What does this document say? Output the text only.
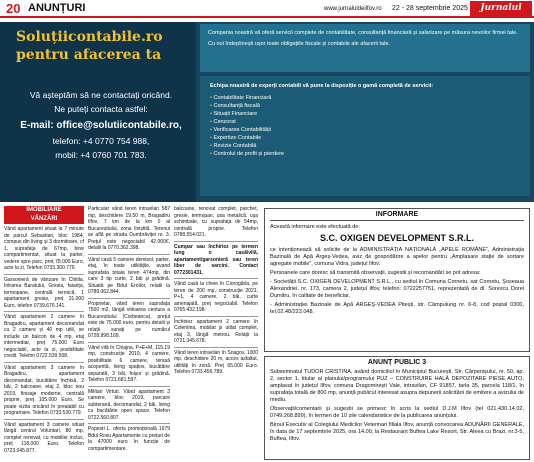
20 ANUNȚURI	www.jurnaluldeilfov.ro 22 - 28 septembrie 2025	Jurnalul
Soluțiicontabile.ro pentru afacerea ta
Vă așteptăm să ne contactați oricând.
Ne puteți contacta astfel:
E-mail: office@solutiicontabile.ro,
telefon: +4 0770 754 988,
mobil: +4 0760 701 783.

Compania noastră vă oferă servicii complete de contabilitate, consultanță financiară și salarizare pe măsura nevoilor firmei tale.

Cu noi îndeplinești ușor toate obligațiile fiscale și contabile ale afacerii tale.

Echipa noastră de experți contabili vă pune la dispoziție o gamă completă de servicii:
• Contabilitate Financiară
• Consultanță fiscală
• Situații Financiare
• Cenzorat
• Verificarea Contabilității
• Expertize Contabile
• Revizie Contabilă
• Controlul de profit și pierdere
IMOBILIARE
VÂNZĂRI

Vând apartament situat la 7 minute de parcul Sebastian, bloc 1984, compus din living și 3 dormitoare, cf 1, suprafața de 67mp, bine compartimentat, situat la parter, vedere spre parc, preț 78.000 Euro, acte la zi. Telefon 0733.300.779.

Garsonieră de vânzare în Chitila, Intrarea Baratului, Gresia, faianța, termopane, centrală termică, 1 apartament gresie, preț 31.000 Euro, telefon 0739.676.141.

Vând apartament 2 camere în Bragadiru, apartament decomandat cu 2 camere și 40 mp utili, se include un balcon de 4 mp, etaj intermediar, preț 75.000 Euro negociabil, acte la zi, posibilitate credit. Telefon 0722.539.508.

Vând apartament 3 camere în Bragadiru, apartament decomandat, bucătărie închisă, 2 băi, 2 balcoane, etaj 2, bloc nou 2019, finisaje moderne, centrală proprie, preț 105.000 Euro. Se poate vizita oricând în prealabil cu programare. Telefon 0733.530.779.

Vând apartament 3 camere situat lângă centrul Voluntari, 80 mp, complet renovat, cu mobilier inclus, preț 118.000 Euro. Telefon 0723.045.877.

Particular vând teren intravilan 587 mp, deschidere 19,50 m, Bragadiru Ilfov, 7 km de la km 0 al Bucureștiului, zona liniștită. Terenul se află pe strada Dumbrăviței nr. 3. Prețul este negociabil 42.000€, detalii la 0770.362.398.

Vând casă 5 camere demisol, parter, etaj, în toate utilitățile, avand suprafata totala teren 474mp, din care 3 tip curte, 2 băi și grădină. Situată pe Bdul Eroilor, relatii la 0788.062.844.

Proprietar, vând teren suprafața 7500 m2, lângă viitoarea centura a Bucureștiului (Corbeanca), prețul este de 75.000 euro, pentru detalii și relații sunați pe numărul 0728.998.109.

Vând vilă în Chiajna, P+E+M, 115.19 mp, construcție 2019, 4 camere, posibilitate 6 camere, terasă acoperită, living spațios, bucătărie separată, 3 băi, foișor și grădină. Telefon 0721.681.597.

Militari Virtuti. Vând apartament 3 camere, bloc 2019, parcare subterană, decomandat, 2 băi, living cu bucătărie open space. Telefon 0722.560.807.

Popesti L. oferta promoțională 1979 Bdul Rosu Apartamente cu prețuri de la 47000 euro în funcție de compartimentare.

balcoane, renovat complet, parchet, gresie, termopan, usa metalică, ușa schimbate, cu suprafața de 54mp, centrală proprie. Telefon 0788.554.021.

Cumpar sau închiriez pe termen lung o casă/vilă, apartament/garsonieră sau teren liber de sarcini. Contact 0772301431.

Vând casă la cheie în Ciorogârla, pe teren de 200 mp, construcție 2021, P+1, 4 camere, 2 băi, curte amenajată, preț negociabil. Telefon 0765.432.198.

Închiriez apartament 2 camere în Colentina, mobilat și utilat complet, etaj 3, lângă metrou. Relații la 0721.345.678.

Vând teren intravilan în Snagov, 1000 mp, deschidere 20 m, acces asfaltat, utilități în zonă. Preț 65.000 Euro. Telefon 0733.456.789.

INFORMARE
Această informare este efectuată de:
S.C. OXIGEN DEVELOPMENT S.R.L.

ce intenționează să solicite de la ADMINISTRAȚIA NAȚIONALĂ „APELE ROMÂNE”, Administrația Bazinală de Apă Argeș-Vedea, aviz de gospodărire a apelor pentru „Amplasare stație de sortare agregate mobile”, comuna Vidra, județul Ilfov.

Persoanele care doresc să transmită observații, sugestii și recomandări se pot adresa:

- Societății S.C. OXIGEN DEVELOPMENT S.R.L., cu sediul în Comuna Cornetu, sat Cornetu, Șoseaua Alexandriei, nr. 173, camera 2, județul Ilfov, telefon: 0722257751, reprezentată de dl. Sorescu Dorel Dumitru, în calitate de beneficiar.

- Administrației Bazinale de Apă ARGEȘ-VEDEA Pitești, str. Câmpulung nr. 6-8, cod poștal 0300, tel.02.48/223.048.

ANUNȚ PUBLIC 3

Subsemnatul TUDOR CRISTINA, având domiciliul în Municipiul București, Str. Cărpenișului, nr. 50, ap. 2, sector 1, titular al planului/programului PUZ – CONSTRUIRE HALĂ DEPOZITARE PIESE AUTO, amplasat în județul Ilfov, comuna Dragomirești Vale, intravilan, CF 91857, tarla 35, parcela 118/1, în suprafața totală de 800 mp, anunță publicul interesat asupra depunerii solicitării de emitere a avizului de mediu.

Observații/comentarii și sugestii se primesc în scris la sediul D.J.M Ilfov (tel 021.430.14.02, 0749.268.899), în termen de 10 zile calendaristice de la publicarea anunțului.

Biroul Executiv al Colegiului Medicilor Veterinari filiala Ilfov, anunță convocarea ADUNĂRII GENERALE, în data de 17 septembrie 2025, ora 14.00, la Restaurant Buftea Lake Resort, Str. Aleea cu Brazi, nr.3-5, Buftea, Ilfov.
